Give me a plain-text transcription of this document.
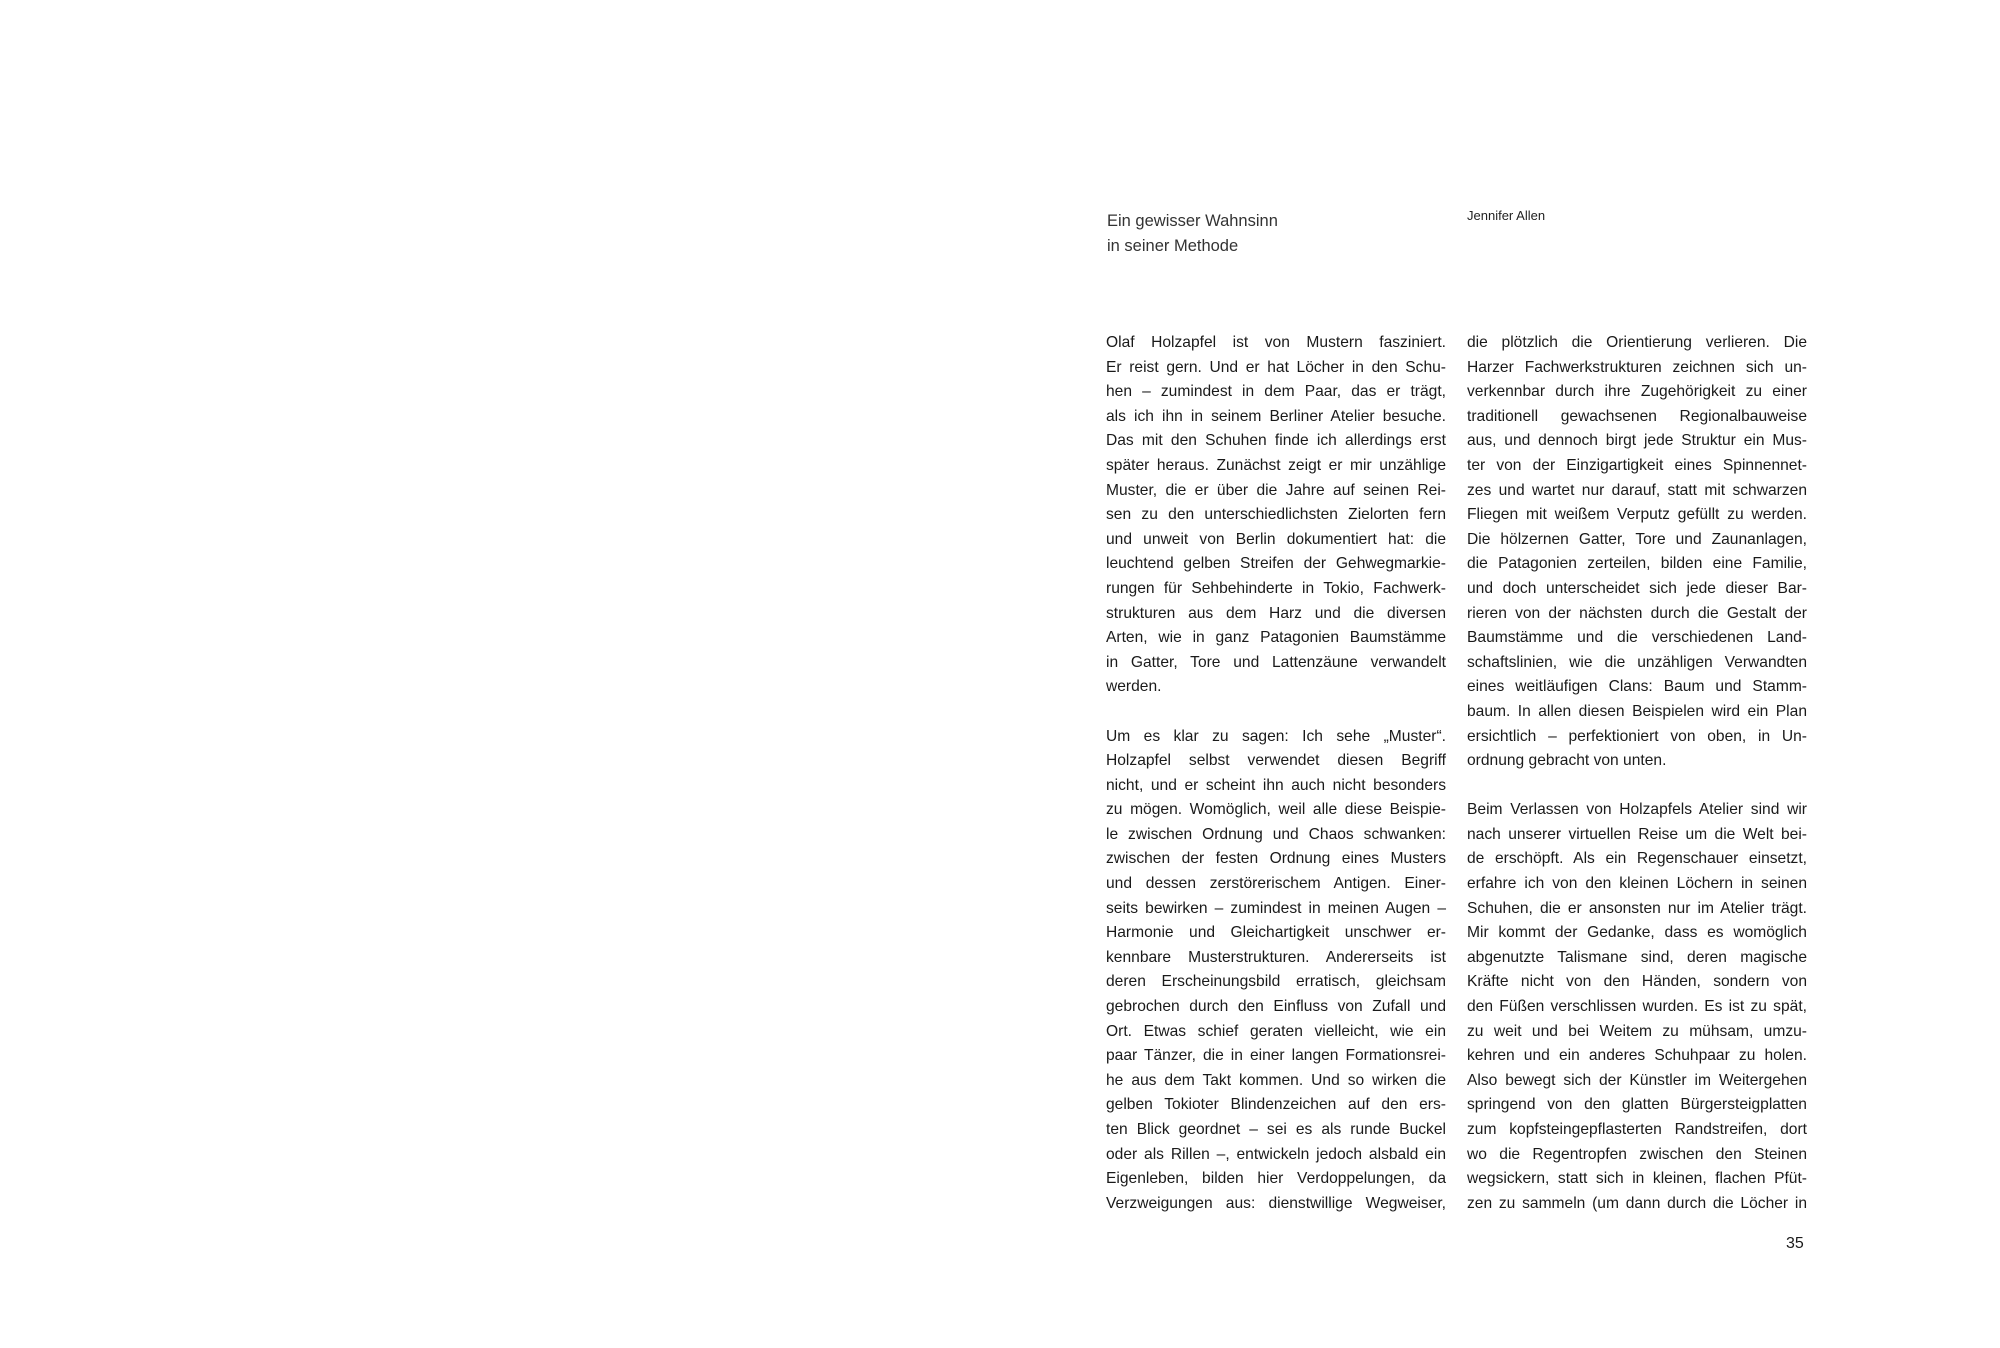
Ein gewisser Wahnsinn
in seiner Methode
Jennifer Allen
Olaf Holzapfel ist von Mustern fasziniert.
Er reist gern. Und er hat Löcher in den Schu-
hen – zumindest in dem Paar, das er trägt,
als ich ihn in seinem Berliner Atelier besuche.
Das mit den Schuhen finde ich allerdings erst
später heraus. Zunächst zeigt er mir unzählige
Muster, die er über die Jahre auf seinen Rei-
sen zu den unterschiedlichsten Zielorten fern
und unweit von Berlin dokumentiert hat: die
leuchtend gelben Streifen der Gehwegmarkie-
rungen für Sehbehinderte in Tokio, Fachwerk-
strukturen aus dem Harz und die diversen
Arten, wie in ganz Patagonien Baumstämme
in Gatter, Tore und Lattenzäune verwandelt
werden.
Um es klar zu sagen: Ich sehe „Muster“.
Holzapfel selbst verwendet diesen Begriff
nicht, und er scheint ihn auch nicht besonders
zu mögen. Womöglich, weil alle diese Beispie-
le zwischen Ordnung und Chaos schwanken:
zwischen der festen Ordnung eines Musters
und dessen zerstörerischem Antigen. Einer-
seits bewirken – zumindest in meinen Augen –
Harmonie und Gleichartigkeit unschwer er-
kennbare Musterstrukturen. Andererseits ist
deren Erscheinungsbild erratisch, gleichsam
gebrochen durch den Einfluss von Zufall und
Ort. Etwas schief geraten vielleicht, wie ein
paar Tänzer, die in einer langen Formationsrei-
he aus dem Takt kommen. Und so wirken die
gelben Tokioter Blindenzeichen auf den ers-
ten Blick geordnet – sei es als runde Buckel
oder als Rillen –, entwickeln jedoch alsbald ein
Eigenleben, bilden hier Verdoppelungen, da
Verzweigungen aus: dienstwillige Wegweiser,
die plötzlich die Orientierung verlieren. Die
Harzer Fachwerkstrukturen zeichnen sich un-
verkennbar durch ihre Zugehörigkeit zu einer
traditionell gewachsenen Regionalbauweise
aus, und dennoch birgt jede Struktur ein Mus-
ter von der Einzigartigkeit eines Spinnennet-
zes und wartet nur darauf, statt mit schwarzen
Fliegen mit weißem Verputz gefüllt zu werden.
Die hölzernen Gatter, Tore und Zaunanlagen,
die Patagonien zerteilen, bilden eine Familie,
und doch unterscheidet sich jede dieser Bar-
rieren von der nächsten durch die Gestalt der
Baumstämme und die verschiedenen Land-
schaftslinien, wie die unzähligen Verwandten
eines weitläufigen Clans: Baum und Stamm-
baum. In allen diesen Beispielen wird ein Plan
ersichtlich – perfektioniert von oben, in Un-
ordnung gebracht von unten.
Beim Verlassen von Holzapfels Atelier sind wir
nach unserer virtuellen Reise um die Welt bei-
de erschöpft. Als ein Regenschauer einsetzt,
erfahre ich von den kleinen Löchern in seinen
Schuhen, die er ansonsten nur im Atelier trägt.
Mir kommt der Gedanke, dass es womöglich
abgenutzte Talismane sind, deren magische
Kräfte nicht von den Händen, sondern von
den Füßen verschlissen wurden. Es ist zu spät,
zu weit und bei Weitem zu mühsam, umzu-
kehren und ein anderes Schuhpaar zu holen.
Also bewegt sich der Künstler im Weitergehen
springend von den glatten Bürgersteigplatten
zum kopfsteingepflasterten Randstreifen, dort
wo die Regentropfen zwischen den Steinen
wegsickern, statt sich in kleinen, flachen Pfüt-
zen zu sammeln (um dann durch die Löcher in
35
